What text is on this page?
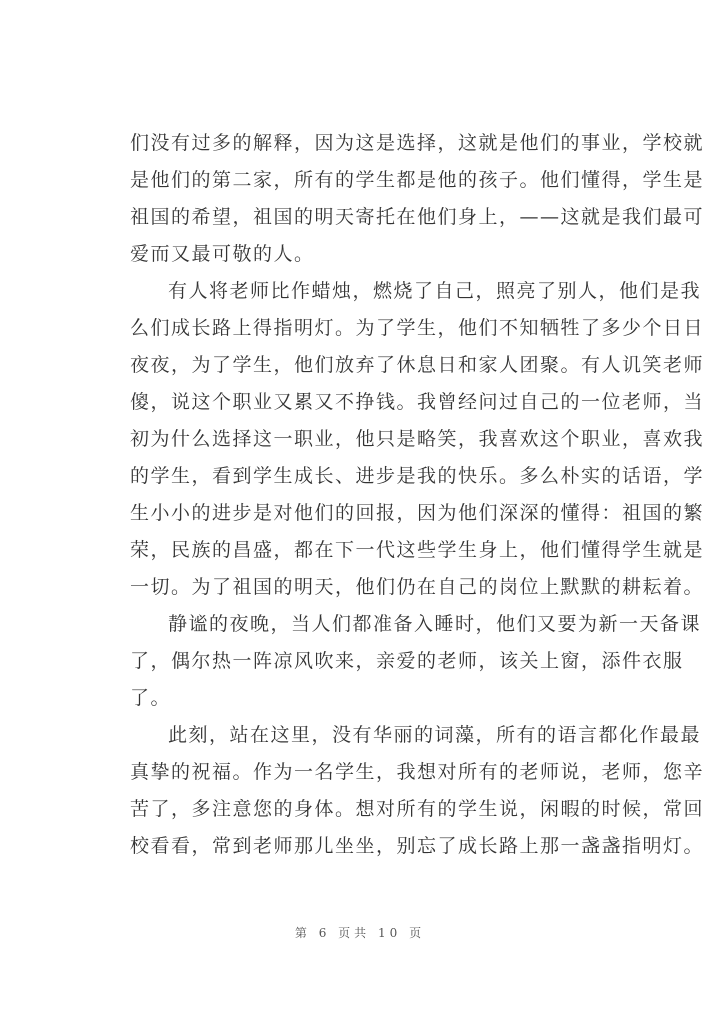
们没有过多的解释，因为这是选择，这就是他们的事业，学校就
是他们的第二家，所有的学生都是他的孩子。他们懂得，学生是
祖国的希望，祖国的明天寄托在他们身上，——这就是我们最可
爱而又最可敬的人。
有人将老师比作蜡烛，燃烧了自己，照亮了别人，他们是我
么们成长路上得指明灯。为了学生，他们不知牺牲了多少个日日
夜夜，为了学生，他们放弃了休息日和家人团聚。有人讥笑老师
傻，说这个职业又累又不挣钱。我曾经问过自己的一位老师，当
初为什么选择这一职业，他只是略笑，我喜欢这个职业，喜欢我
的学生，看到学生成长、进步是我的快乐。多么朴实的话语，学
生小小的进步是对他们的回报，因为他们深深的懂得：祖国的繁
荣，民族的昌盛，都在下一代这些学生身上，他们懂得学生就是
一切。为了祖国的明天，他们仍在自己的岗位上默默的耕耘着。
静谧的夜晚，当人们都准备入睡时，他们又要为新一天备课
了，偶尔热一阵凉风吹来，亲爱的老师，该关上窗，添件衣服
了。
此刻，站在这里，没有华丽的词藻，所有的语言都化作最最
真挚的祝福。作为一名学生，我想对所有的老师说，老师，您辛
苦了，多注意您的身体。想对所有的学生说，闲暇的时候，常回
校看看，常到老师那儿坐坐，别忘了成长路上那一盏盏指明灯。
第 6 页共 10 页
